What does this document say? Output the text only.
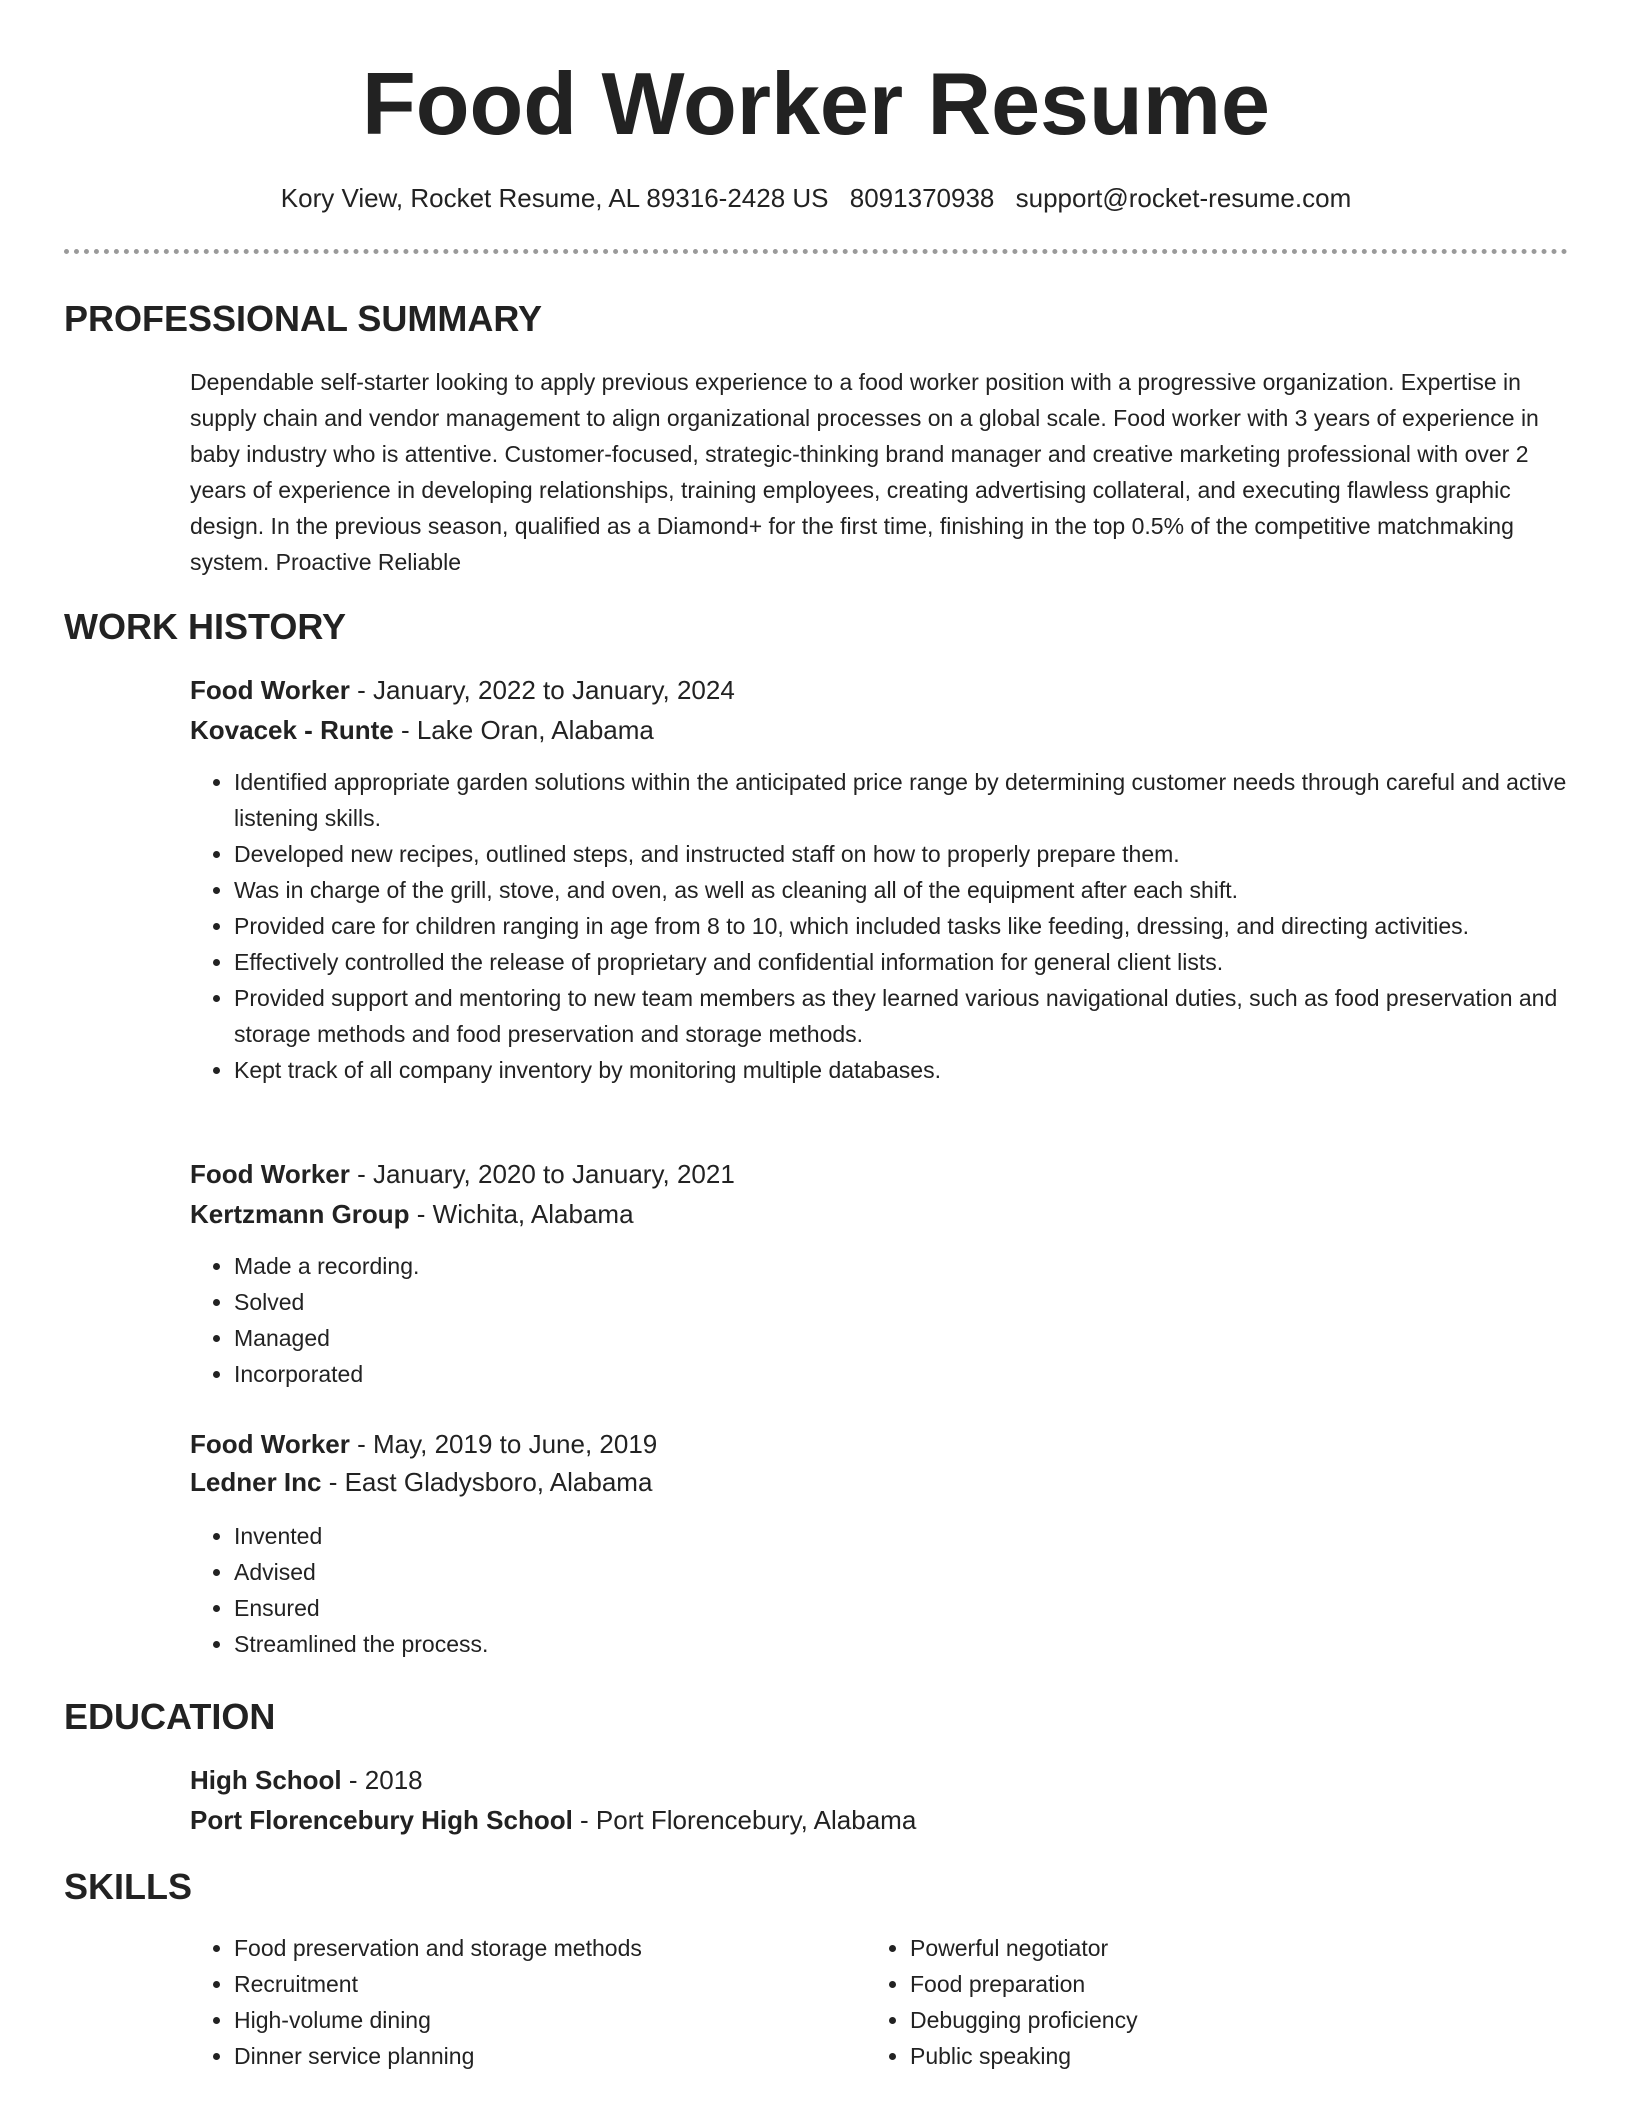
Food Worker Resume
Kory View, Rocket Resume, AL 89316-2428 US 8091370938 support@rocket-resume.com
PROFESSIONAL SUMMARY

Dependable self-starter looking to apply previous experience to a food worker position with a progressive organization. Expertise in supply chain and vendor management to align organizational processes on a global scale. Food worker with 3 years of experience in baby industry who is attentive. Customer-focused, strategic-thinking brand manager and creative marketing professional with over 2 years of experience in developing relationships, training employees, creating advertising collateral, and executing flawless graphic design. In the previous season, qualified as a Diamond+ for the first time, finishing in the top 0.5% of the competitive matchmaking system. Proactive Reliable

WORK HISTORY
Food Worker - January, 2022 to January, 2024
Kovacek - Runte - Lake Oran, Alabama
• Identified appropriate garden solutions within the anticipated price range by determining customer needs through careful and active listening skills.
• Developed new recipes, outlined steps, and instructed staff on how to properly prepare them.
• Was in charge of the grill, stove, and oven, as well as cleaning all of the equipment after each shift.
• Provided care for children ranging in age from 8 to 10, which included tasks like feeding, dressing, and directing activities.
• Effectively controlled the release of proprietary and confidential information for general client lists.
• Provided support and mentoring to new team members as they learned various navigational duties, such as food preservation and storage methods and food preservation and storage methods.
• Kept track of all company inventory by monitoring multiple databases.
Food Worker - January, 2020 to January, 2021
Kertzmann Group - Wichita, Alabama
• Made a recording.
• Solved
• Managed
• Incorporated
Food Worker - May, 2019 to June, 2019
Ledner Inc - East Gladysboro, Alabama
• Invented
• Advised
• Ensured
• Streamlined the process.
EDUCATION
High School - 2018
Port Florencebury High School - Port Florencebury, Alabama
SKILLS
• Food preservation and storage methods
• Recruitment
• High-volume dining
• Dinner service planning
• Powerful negotiator
• Food preparation
• Debugging proficiency
• Public speaking
